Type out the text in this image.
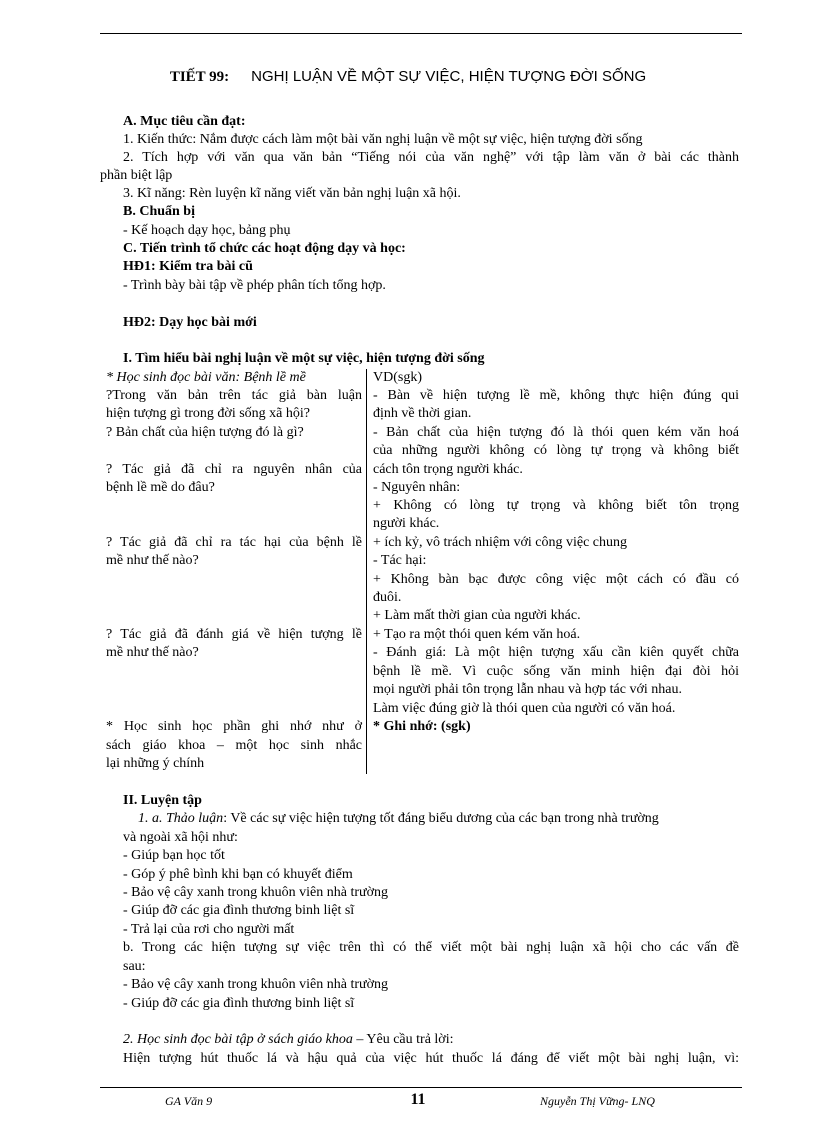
TIẾT 99: NGHỊ LUẬN VỀ MỘT SỰ VIỆC, HIỆN TƯỢNG ĐỜI SỐNG
A. Mục tiêu cần đạt:
1. Kiến thức: Nắm được cách làm một bài văn nghị luận về một sự việc, hiện tượng đời sống
2. Tích hợp với văn qua văn bản “Tiếng nói của văn nghệ” với tập làm văn ở bài các thành
phần biệt lập
3. Kĩ năng: Rèn luyện kĩ năng viết văn bản nghị luận xã hội.
B. Chuẩn bị
- Kế hoạch dạy học, bảng phụ
C. Tiến trình tổ chức các hoạt động dạy và học:
HĐ1: Kiểm tra bài cũ
- Trình bày bài tập về phép phân tích tổng hợp.
HĐ2: Dạy học bài mới
I. Tìm hiểu bài nghị luận về một sự việc, hiện tượng đời sống
* Học sinh đọc bài văn: Bệnh lề mề
?Trong văn bản trên tác giả bàn luận
hiện tượng gì trong đời sống xã hội?
? Bản chất của hiện tượng đó là gì?
? Tác giả đã chỉ ra nguyên nhân của
bệnh lề mề do đâu?
? Tác giả đã chỉ ra tác hại của bệnh lề
mề như thế nào?
? Tác giả đã đánh giá về hiện tượng lề
mề như thế nào?
* Học sinh học phần ghi nhớ như ở
sách giáo khoa – một học sinh nhắc
lại những ý chính
VD(sgk)
- Bàn về hiện tượng lề mề, không thực hiện đúng qui
định về thời gian.
- Bản chất của hiện tượng đó là thói quen kém văn hoá
của những người không có lòng tự trọng và không biết
cách tôn trọng người khác.
- Nguyên nhân:
+ Không có lòng tự trọng và không biết tôn trọng
người khác.
+ ích kỷ, vô trách nhiệm với công việc chung
- Tác hại:
+ Không bàn bạc được công việc một cách có đầu có
đuôi.
+ Làm mất thời gian của người khác.
+ Tạo ra một thói quen kém văn hoá.
- Đánh giá: Là một hiện tượng xấu cần kiên quyết chữa
bệnh lề mề. Vì cuộc sống văn minh hiện đại đòi hỏi
mọi người phải tôn trọng lẫn nhau và hợp tác với nhau.
Làm việc đúng giờ là thói quen của người có văn hoá.
* Ghi nhớ: (sgk)
II. Luyện tập
1. a. Thảo luận: Về các sự việc hiện tượng tốt đáng biểu dương của các bạn trong nhà trường
và ngoài xã hội như:
- Giúp bạn học tốt
- Góp ý phê bình khi bạn có khuyết điểm
- Bảo vệ cây xanh trong khuôn viên nhà trường
- Giúp đỡ các gia đình thương binh liệt sĩ
- Trả lại của rơi cho người mất
b. Trong các hiện tượng sự việc trên thì có thể viết một bài nghị luận xã hội cho các vấn đề
sau:
- Bảo vệ cây xanh trong khuôn viên nhà trường
- Giúp đỡ các gia đình thương binh liệt sĩ
2. Học sinh đọc bài tập ở sách giáo khoa – Yêu cầu trả lời:
Hiện tượng hút thuốc lá và hậu quả của việc hút thuốc lá đáng để viết một bài nghị luận, vì:
GA Văn 9	11	Nguyễn Thị Vững- LNQ
